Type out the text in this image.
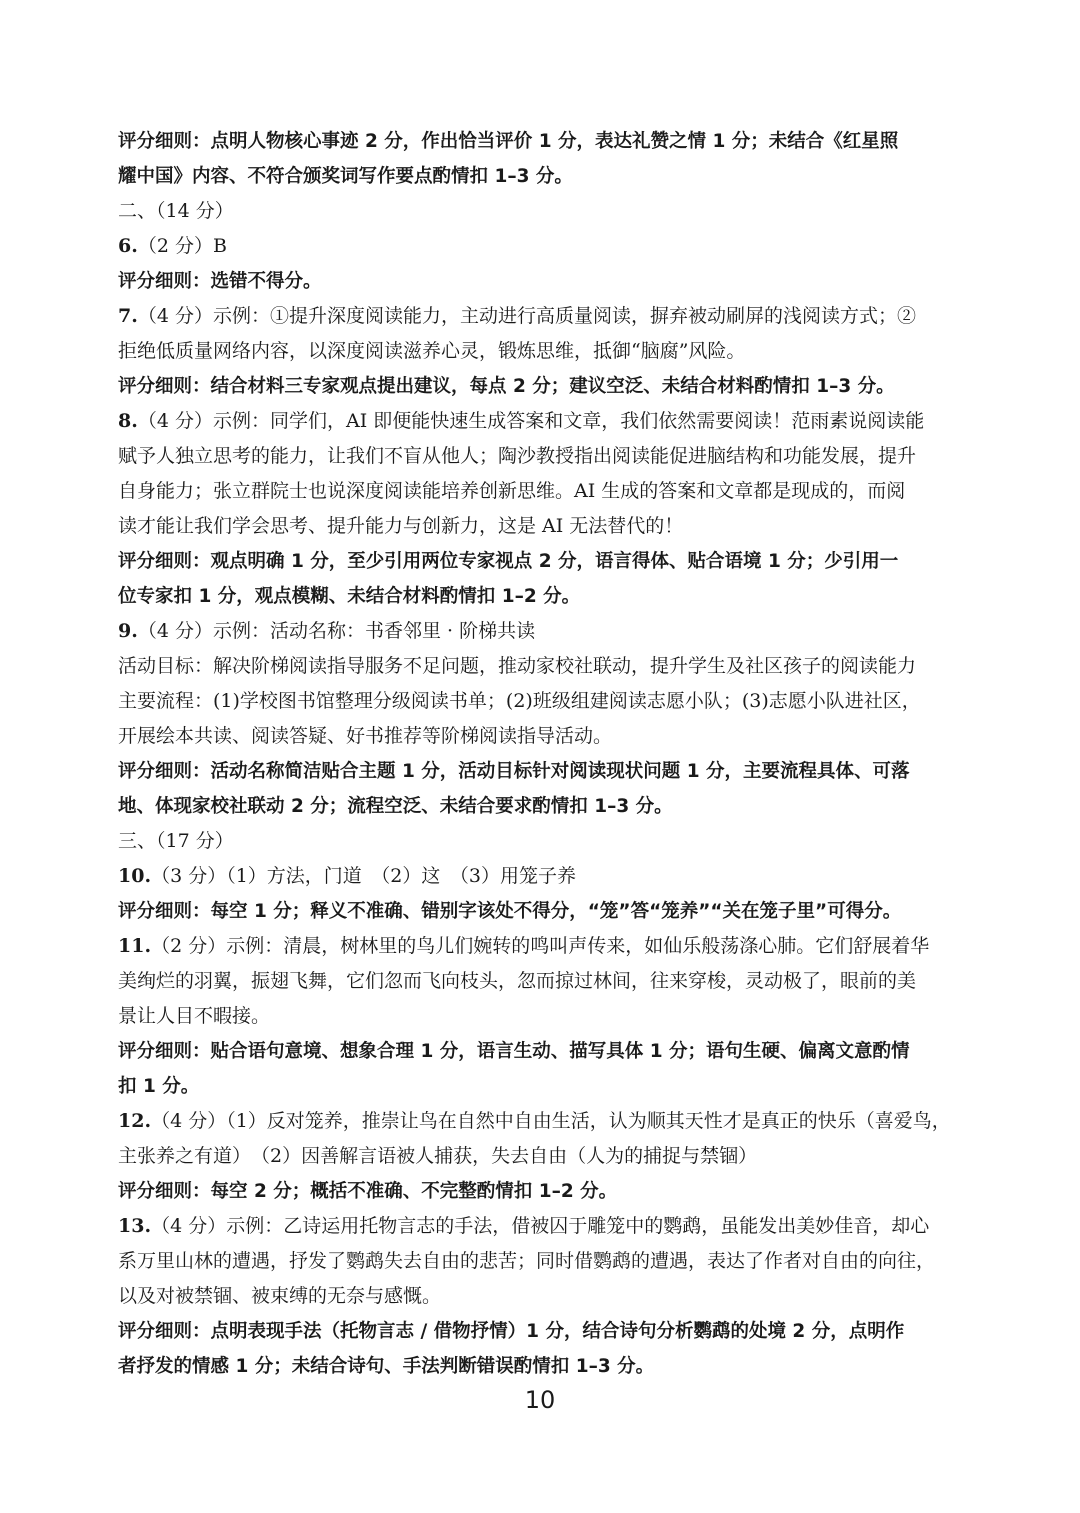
评分细则：点明人物核心事迹 2 分，作出恰当评价 1 分，表达礼赞之情 1 分；未结合《红星照
耀中国》内容、不符合颁奖词写作要点酌情扣 1–3 分。
二、（14 分）
6.（2 分）B
评分细则：选错不得分。
7.（4 分）示例：①提升深度阅读能力，主动进行高质量阅读，摒弃被动刷屏的浅阅读方式；②
拒绝低质量网络内容，以深度阅读滋养心灵，锻炼思维，抵御“脑腐”风险。
评分细则：结合材料三专家观点提出建议，每点 2 分；建议空泛、未结合材料酌情扣 1–3 分。
8.（4 分）示例：同学们，AI 即便能快速生成答案和文章，我们依然需要阅读！范雨素说阅读能
赋予人独立思考的能力，让我们不盲从他人；陶沙教授指出阅读能促进脑结构和功能发展，提升
自身能力；张立群院士也说深度阅读能培养创新思维。AI 生成的答案和文章都是现成的，而阅
读才能让我们学会思考、提升能力与创新力，这是 AI 无法替代的！
评分细则：观点明确 1 分，至少引用两位专家视点 2 分，语言得体、贴合语境 1 分；少引用一
位专家扣 1 分，观点模糊、未结合材料酌情扣 1–2 分。
9.（4 分）示例：活动名称：书香邻里 · 阶梯共读
活动目标：解决阶梯阅读指导服务不足问题，推动家校社联动，提升学生及社区孩子的阅读能力
主要流程：(1)学校图书馆整理分级阅读书单；(2)班级组建阅读志愿小队；(3)志愿小队进社区，
开展绘本共读、阅读答疑、好书推荐等阶梯阅读指导活动。
评分细则：活动名称简洁贴合主题 1 分，活动目标针对阅读现状问题 1 分，主要流程具体、可落
地、体现家校社联动 2 分；流程空泛、未结合要求酌情扣 1–3 分。
三、（17 分）
10.（3 分）（1）方法，门道　（2）这　（3）用笼子养
评分细则：每空 1 分；释义不准确、错别字该处不得分，“笼”答“笼养”“关在笼子里”可得分。
11.（2 分）示例：清晨，树林里的鸟儿们婉转的鸣叫声传来，如仙乐般荡涤心肺。它们舒展着华
美绚烂的羽翼，振翅飞舞，它们忽而飞向枝头，忽而掠过林间，往来穿梭，灵动极了，眼前的美
景让人目不暇接。
评分细则：贴合语句意境、想象合理 1 分，语言生动、描写具体 1 分；语句生硬、偏离文意酌情
扣 1 分。
12.（4 分）（1）反对笼养，推崇让鸟在自然中自由生活，认为顺其天性才是真正的快乐（喜爱鸟，
主张养之有道）　（2）因善解言语被人捕获，失去自由（人为的捕捉与禁锢）
评分细则：每空 2 分；概括不准确、不完整酌情扣 1–2 分。
13.（4 分）示例：乙诗运用托物言志的手法，借被囚于雕笼中的鹦鹉，虽能发出美妙佳音，却心
系万里山林的遭遇，抒发了鹦鹉失去自由的悲苦；同时借鹦鹉的遭遇，表达了作者对自由的向往，
以及对被禁锢、被束缚的无奈与感慨。
评分细则：点明表现手法（托物言志 / 借物抒情）1 分，结合诗句分析鹦鹉的处境 2 分，点明作
者抒发的情感 1 分；未结合诗句、手法判断错误酌情扣 1–3 分。
10
